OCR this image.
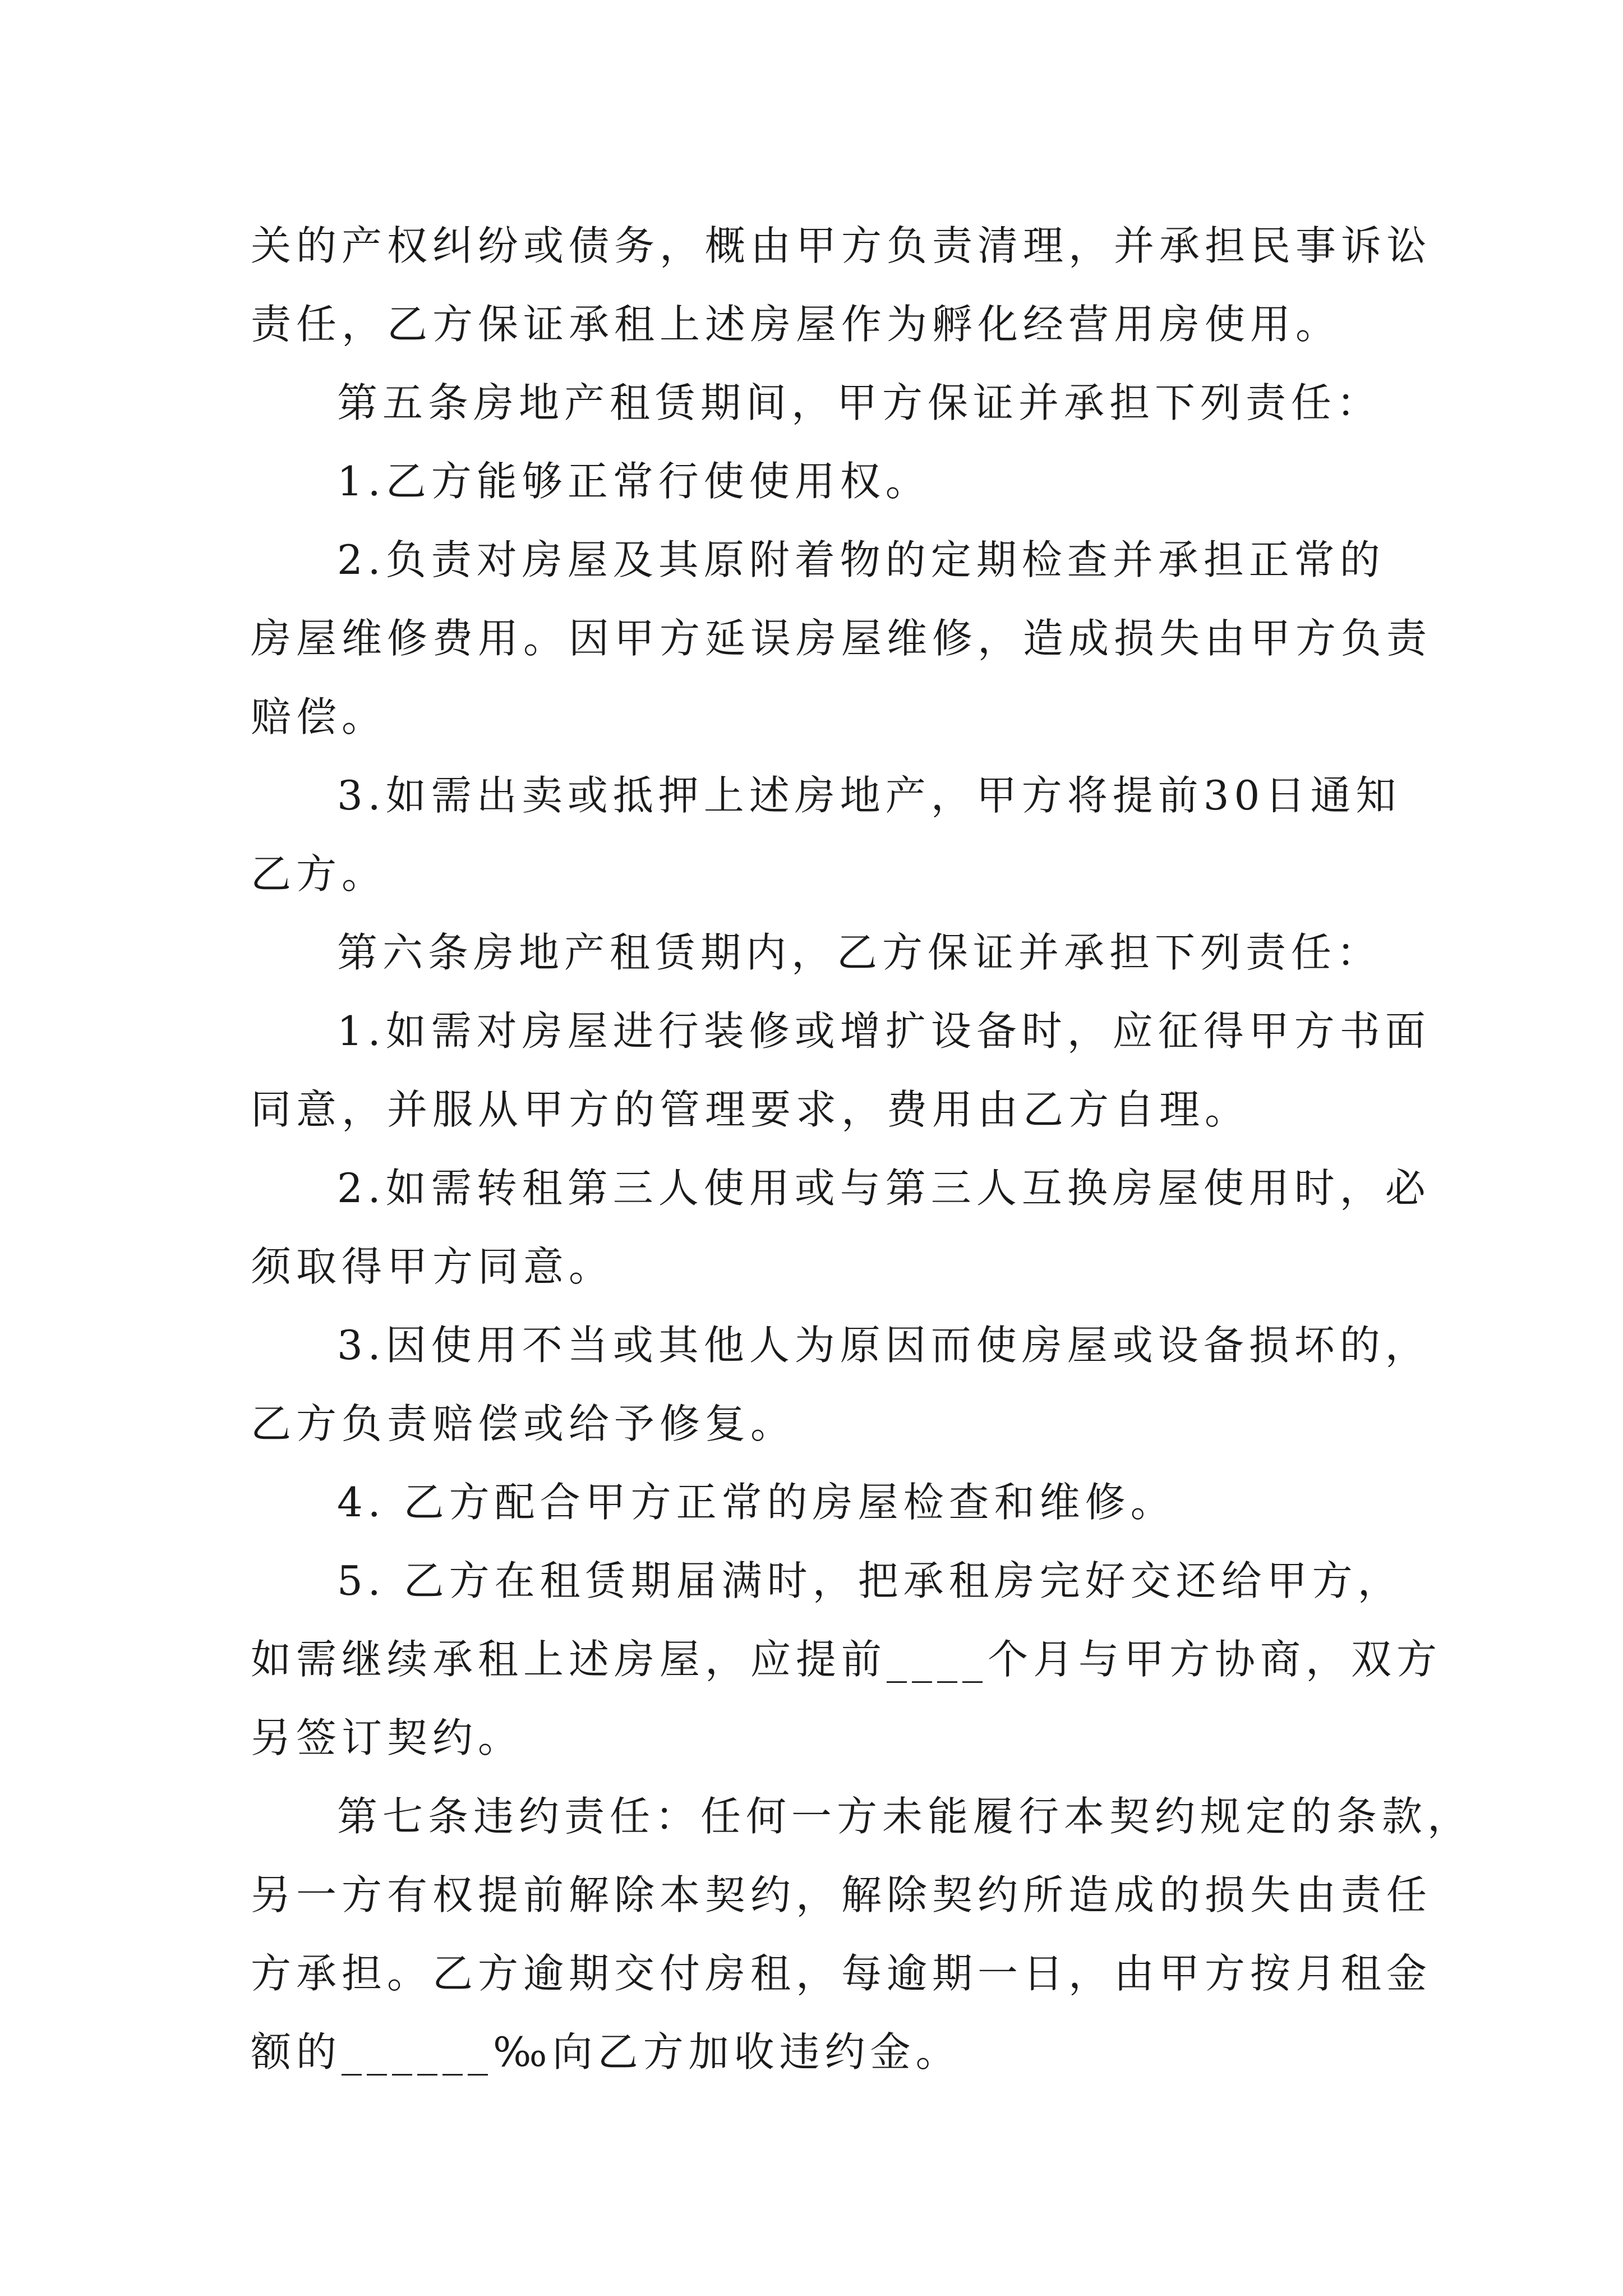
关的产权纠纷或债务，概由甲方负责清理，并承担民事诉讼
责任，乙方保证承租上述房屋作为孵化经营用房使用。
第五条房地产租赁期间，甲方保证并承担下列责任：
1.乙方能够正常行使使用权。
2.负责对房屋及其原附着物的定期检查并承担正常的
房屋维修费用。因甲方延误房屋维修，造成损失由甲方负责
赔偿。
3.如需出卖或抵押上述房地产，甲方将提前30日通知
乙方。
第六条房地产租赁期内，乙方保证并承担下列责任：
1.如需对房屋进行装修或增扩设备时，应征得甲方书面
同意，并服从甲方的管理要求，费用由乙方自理。
2.如需转租第三人使用或与第三人互换房屋使用时，必
须取得甲方同意。
3.因使用不当或其他人为原因而使房屋或设备损坏的，
乙方负责赔偿或给予修复。
4. 乙方配合甲方正常的房屋检查和维修。
5. 乙方在租赁期届满时，把承租房完好交还给甲方，
如需继续承租上述房屋，应提前____个月与甲方协商，双方
另签订契约。
第七条违约责任：任何一方未能履行本契约规定的条款，
另一方有权提前解除本契约，解除契约所造成的损失由责任
方承担。乙方逾期交付房租，每逾期一日，由甲方按月租金
额的______‰向乙方加收违约金。
